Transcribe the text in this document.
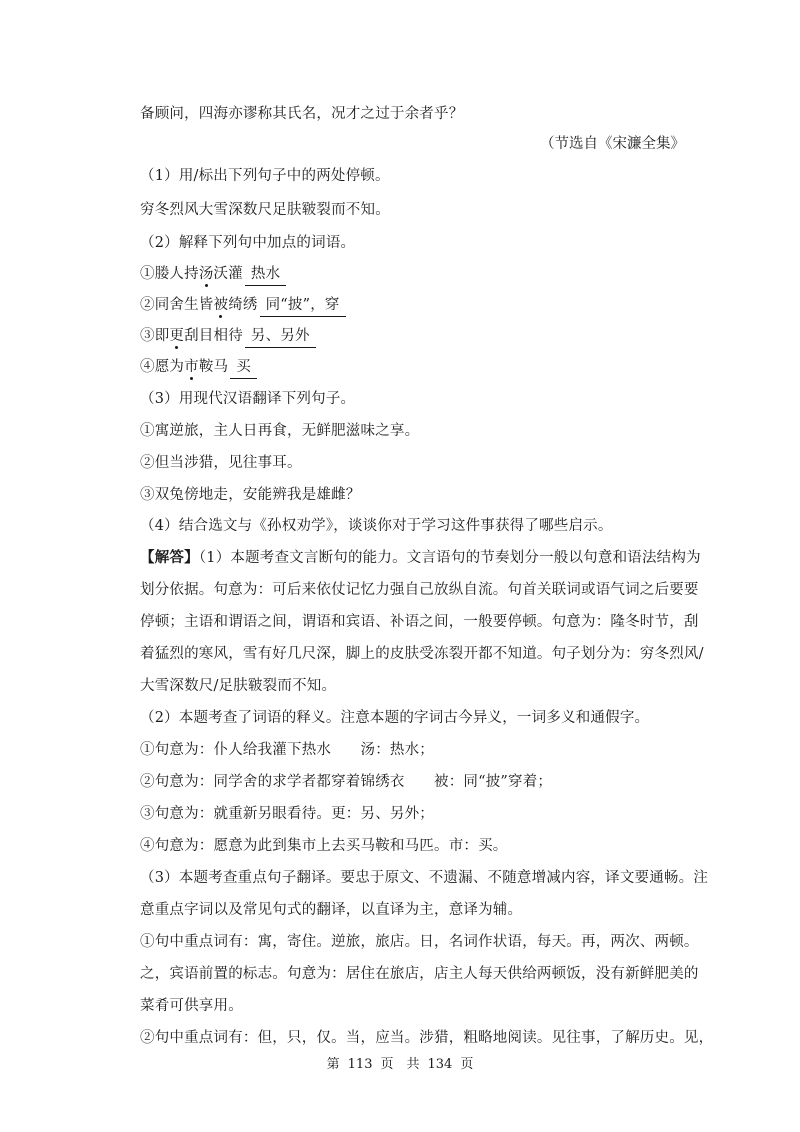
备顾问，四海亦谬称其氏名，况才之过于余者乎？
（节选自《宋濂全集》
（1）用/标出下列句子中的两处停顿。
穷冬烈风大雪深数尺足肤皲裂而不知。
（2）解释下列句中加点的词语。
①媵人持汤沃灌 热水
②同舍生皆被绮绣 同“披”，穿
③即更刮目相待 另、另外
④愿为市鞍马 买
（3）用现代汉语翻译下列句子。
①寓逆旅，主人日再食，无鲜肥滋味之享。
②但当涉猎，见往事耳。
③双兔傍地走，安能辨我是雄雌？
（4）结合选文与《孙权劝学》，谈谈你对于学习这件事获得了哪些启示。
【解答】（1）本题考查文言断句的能力。文言语句的节奏划分一般以句意和语法结构为
划分依据。句意为：可后来依仗记忆力强自己放纵自流。句首关联词或语气词之后要要
停顿；主语和谓语之间，谓语和宾语、补语之间，一般要停顿。句意为：隆冬时节，刮
着猛烈的寒风，雪有好几尺深，脚上的皮肤受冻裂开都不知道。句子划分为：穷冬烈风/
大雪深数尺/足肤皲裂而不知。
（2）本题考查了词语的释义。注意本题的字词古今异义，一词多义和通假字。
①句意为：仆人给我灌下热水　　汤：热水；
②句意为：同学舍的求学者都穿着锦绣衣　　被：同“披”穿着；
③句意为：就重新另眼看待。更：另、另外；
④句意为：愿意为此到集市上去买马鞍和马匹。市：买。
（3）本题考查重点句子翻译。要忠于原文、不遗漏、不随意增减内容，译文要通畅。注
意重点字词以及常见句式的翻译，以直译为主，意译为辅。
①句中重点词有：寓，寄住。逆旅，旅店。日，名词作状语，每天。再，两次、两顿。
之，宾语前置的标志。句意为：居住在旅店，店主人每天供给两顿饭，没有新鲜肥美的
菜肴可供享用。
②句中重点词有：但，只，仅。当，应当。涉猎，粗略地阅读。见往事，了解历史。见，
第 113 页　共 134 页
